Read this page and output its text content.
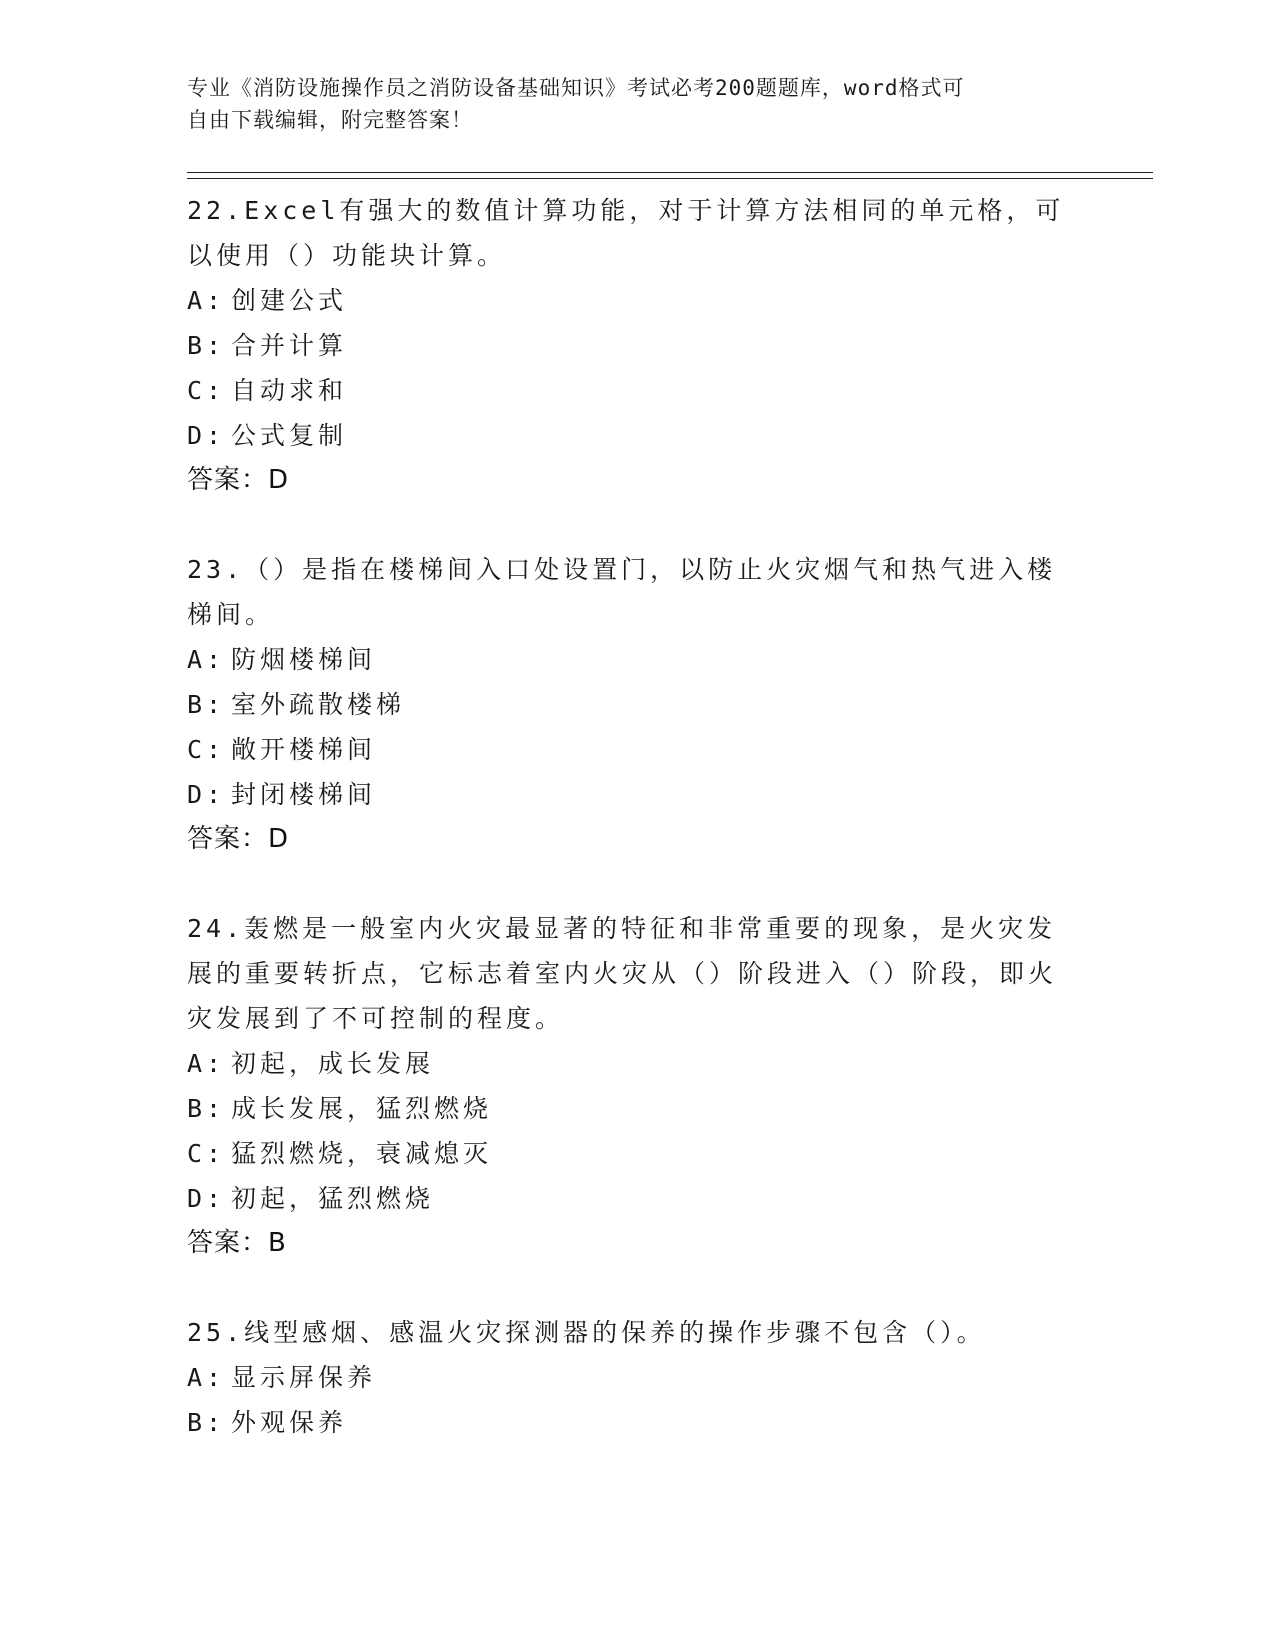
专业《消防设施操作员之消防设备基础知识》考试必考200题题库，word格式可
自由下载编辑，附完整答案！
22.Excel有强大的数值计算功能，对于计算方法相同的单元格，可以使用（）功能块计算。
A: 创建公式
B: 合并计算
C: 自动求和
D: 公式复制
答案：D
23.（）是指在楼梯间入口处设置门，以防止火灾烟气和热气进入楼梯间。
A: 防烟楼梯间
B: 室外疏散楼梯
C: 敞开楼梯间
D: 封闭楼梯间
答案：D
24.轰燃是一般室内火灾最显著的特征和非常重要的现象，是火灾发展的重要转折点，它标志着室内火灾从（）阶段进入（）阶段，即火灾发展到了不可控制的程度。
A: 初起，成长发展
B: 成长发展，猛烈燃烧
C: 猛烈燃烧，衰减熄灭
D: 初起，猛烈燃烧
答案：B
25.线型感烟、感温火灾探测器的保养的操作步骤不包含（）。
A: 显示屏保养
B: 外观保养
